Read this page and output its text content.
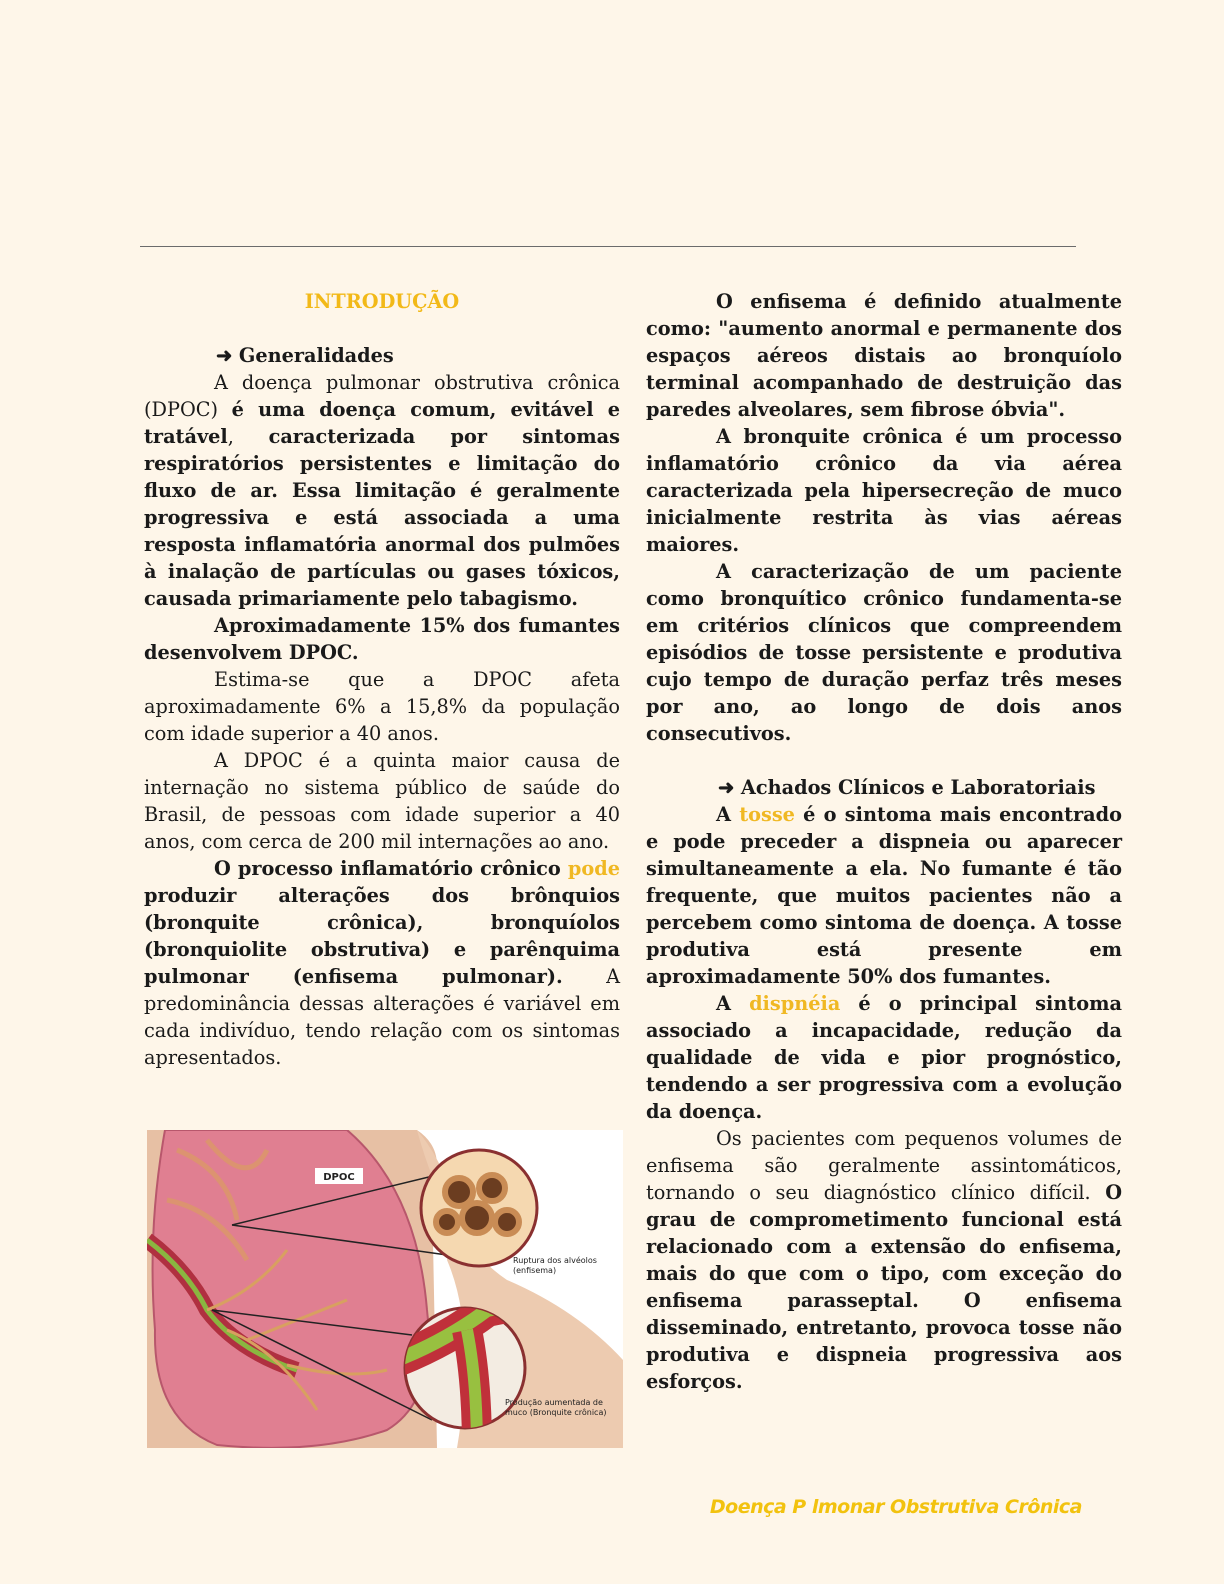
INTRODUÇÃO

➜ Generalidades

A doença pulmonar obstrutiva crônica (DPOC) é uma doença comum, evitável e tratável, caracterizada por sintomas respiratórios persistentes e limitação do fluxo de ar. Essa limitação é geralmente progressiva e está associada a uma resposta inflamatória anormal dos pulmões à inalação de partículas ou gases tóxicos, causada primariamente pelo tabagismo.

Aproximadamente 15% dos fumantes desenvolvem DPOC.

Estima-se que a DPOC afeta aproximadamente 6% a 15,8% da população com idade superior a 40 anos.

A DPOC é a quinta maior causa de internação no sistema público de saúde do Brasil, de pessoas com idade superior a 40 anos, com cerca de 200 mil internações ao ano.

O processo inflamatório crônico pode produzir alterações dos brônquios (bronquite crônica), bronquíolos (bronquiolite obstrutiva) e parênquima pulmonar (enfisema pulmonar). A predominância dessas alterações é variável em cada indivíduo, tendo relação com os sintomas apresentados.

DPOC
Ruptura dos alvéolos
(enfisema)
Produção aumentada de
muco (Bronquite crônica)

O enfisema é definido atualmente como: "aumento anormal e permanente dos espaços aéreos distais ao bronquíolo terminal acompanhado de destruição das paredes alveolares, sem fibrose óbvia".

A bronquite crônica é um processo inflamatório crônico da via aérea caracterizada pela hipersecreção de muco inicialmente restrita às vias aéreas maiores.

A caracterização de um paciente como bronquítico crônico fundamenta-se em critérios clínicos que compreendem episódios de tosse persistente e produtiva cujo tempo de duração perfaz três meses por ano, ao longo de dois anos consecutivos.

➜ Achados Clínicos e Laboratoriais

A tosse é o sintoma mais encontrado e pode preceder a dispneia ou aparecer simultaneamente a ela. No fumante é tão frequente, que muitos pacientes não a percebem como sintoma de doença. A tosse produtiva está presente em aproximadamente 50% dos fumantes.

A dispnéia é o principal sintoma associado a incapacidade, redução da qualidade de vida e pior prognóstico, tendendo a ser progressiva com a evolução da doença.

Os pacientes com pequenos volumes de enfisema são geralmente assintomáticos, tornando o seu diagnóstico clínico difícil. O grau de comprometimento funcional está relacionado com a extensão do enfisema, mais do que com o tipo, com exceção do enfisema parasseptal. O enfisema disseminado, entretanto, provoca tosse não produtiva e dispneia progressiva aos esforços.

Doença P lmonar Obstrutiva Crônica
